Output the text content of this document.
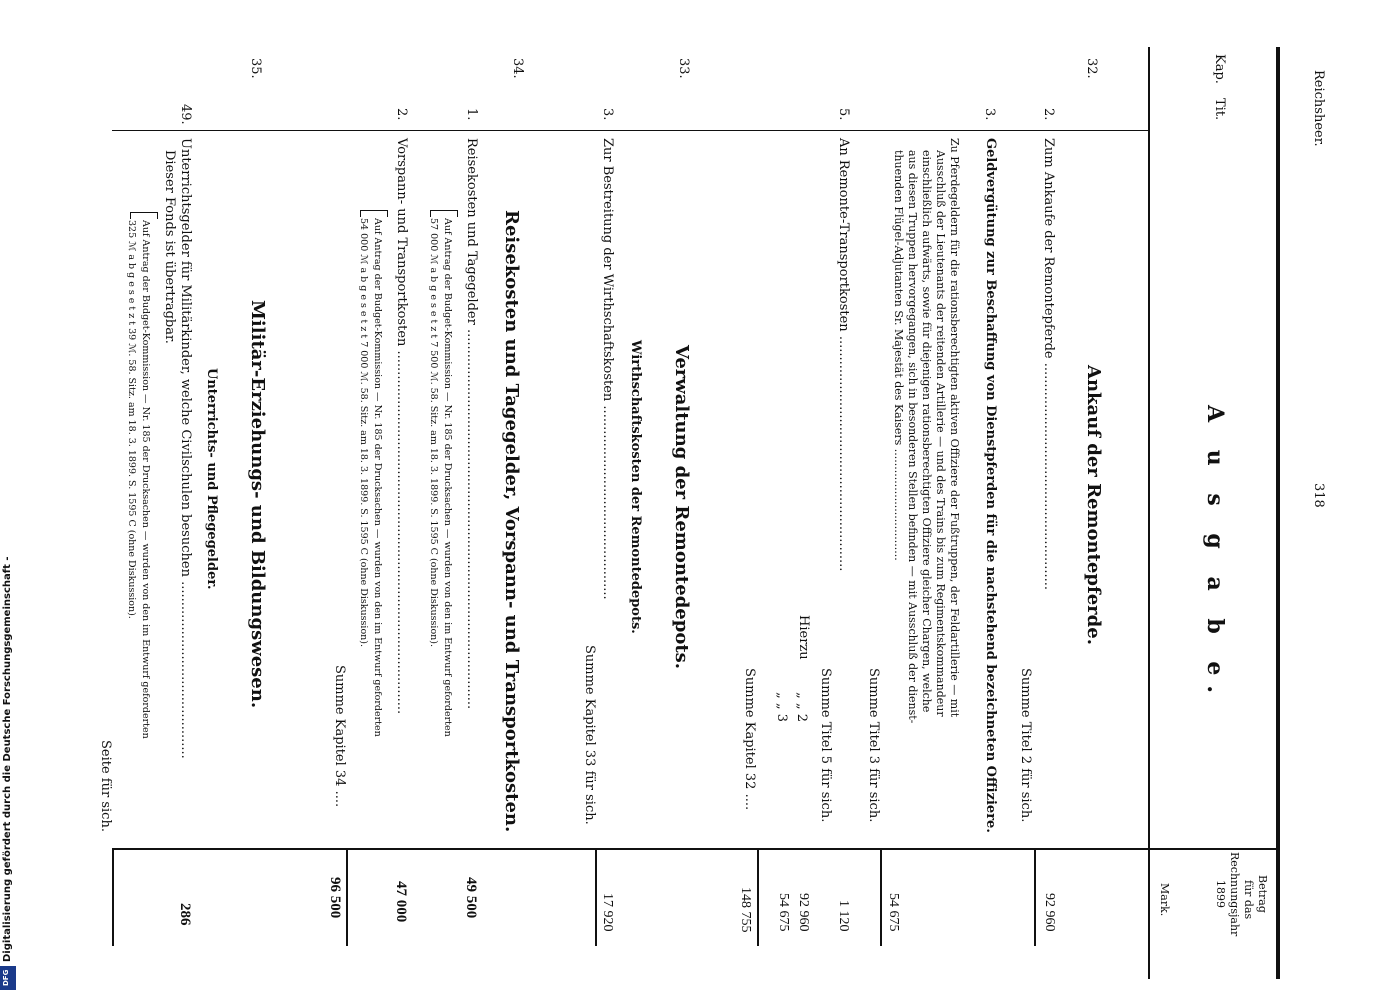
Reichsheer.
318
Kap.
Tit.
A u s g a b e.
Betrag
für das
Rechnungsjahr
1899
Mark.
32.
Ankauf der Remontepferde.
2.
Zum Ankaufe der Remontepferde .......................................................
Summe Titel 2 für sich.
92 960
3.
Geldvergütung zur Beschaffung von Dienstpferden für die nachstehend bezeichneten Offiziere.
Zu Pferdegeldern für die rationsberechtigten aktiven Offiziere der Fußtruppen, der Feldartillerie — mit
Ausschluß der Lieutenants der reitenden Artillerie — und des Trains bis zum Regimentskommandeur
einschließlich aufwärts, sowie für diejenigen rationsberechtigten Offiziere gleicher Chargen, welche
aus diesen Truppen hervorgegangen, sich in besonderen Stellen befinden — mit Ausschluß der dienst-
thuenden Flügel-Adjutanten Sr. Majestät des Kaisers ................................
Summe Titel 3 für sich.
54 675
5.
An Remonte-Transportkosten .........................................................
Summe Titel 5 für sich.
1 120
Hierzu
„ „ 2
„ „ 3
92 960
54 675
Summe Kapitel 32 ....
148 755
33.
Verwaltung der Remontedepots.
Wirthschaftskosten der Remontedepots.
3.
Zur Bestreitung der Wirthschaftskosten ...............................................
Summe Kapitel 33 für sich.
17 920
34.
Reisekosten und Tagegelder, Vorspann- und Transportkosten.
1.
Reisekosten und Tagegelder ............................................................................................
Auf Antrag der Budget-Kommission — Nr. 185 der Drucksachen — wurden von den im Entwurf geforderten
57 000 ℳ a b g e s e t z t 7 500 ℳ. 58. Sitz. am 18. 3. 1899. S. 1595 C (ohne Diskussion).
49 500
2.
Vorspann- und Transportkosten ........................................................................................
Auf Antrag der Budget-Kommission — Nr. 185 der Drucksachen — wurden von den im Entwurf geforderten
54 000 ℳ a b g e s e t z t 7 000 ℳ. 58. Sitz. am 18. 3. 1899. S. 1595 C (ohne Diskussion).
47 000
Summe Kapitel 34 ....
96 500
35.
Militär-Erziehungs- und Bildungswesen.
Unterrichts- und Pflegegelder.
49.
Unterrichtsgelder für Militärkinder, welche Civilschulen besuchen ...........................................
Dieser Fonds ist übertragbar.
Auf Antrag der Budget-Kommission — Nr. 185 der Drucksachen — wurden von den im Entwurf geforderten
325 ℳ a b g e s e t z t 39 ℳ. 58. Sitz. am 18. 3. 1899. S. 1595 C (ohne Diskussion).
286
Seite für sich.
Digitalisierung gefördert durch die Deutsche Forschungsgemeinschaft -
DFG
